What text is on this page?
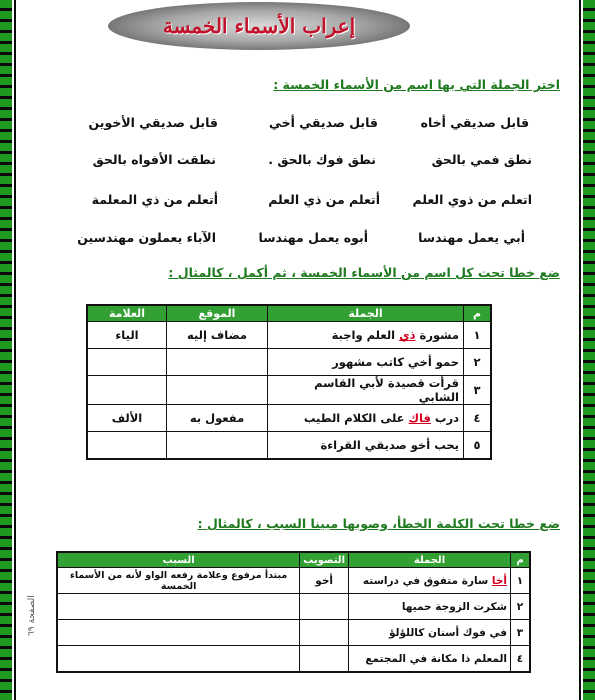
إعراب الأسماء الخمسة
اختر الجملة التي بها اسم من الأسماء الخمسة :
قابل صديقي أخاه
قابل صديقي أخي
قابل صديقي الأخوين
نطق فمي بالحق
نطق فوك بالحق .
نطقت الأفواه بالحق
اتعلم من ذوي العلم
أتعلم من ذي العلم
أتعلم من ذي المعلمة
أبي يعمل مهندسا
أبوه يعمل مهندسا
الآباء يعملون مهندسين
ضع خطا تحت كل اسم من الأسماء الخمسة ، ثم أكمل ، كالمثال :
م	الجملة	الموقع	العلامة
١	مشورة ذي العلم واجبة	مضاف إليه	الياء
٢	حمو أخي كاتب مشهور		
٣	قرأت قصيدة لأبي القاسم الشابي		
٤	درب فاك على الكلام الطيب	مفعول به	الألف
٥	يحب أخو صديقي القراءة		
ضع خطا تحت الكلمة الخطأ، وصوبها مبينا السبب ، كالمثال :
م	الجملة	التصويب	السبب
١	أخا سارة متفوق في دراسته	أخو	مبتدأ مرفوع وعلامة رفعه الواو لأنه من الأسماء الخمسة
٢	شكرت الزوجة حميها		
٣	في فوك أسنان كاللؤلؤ		
٤	المعلم ذا مكانة في المجتمع		
الصفحة ٦٩
